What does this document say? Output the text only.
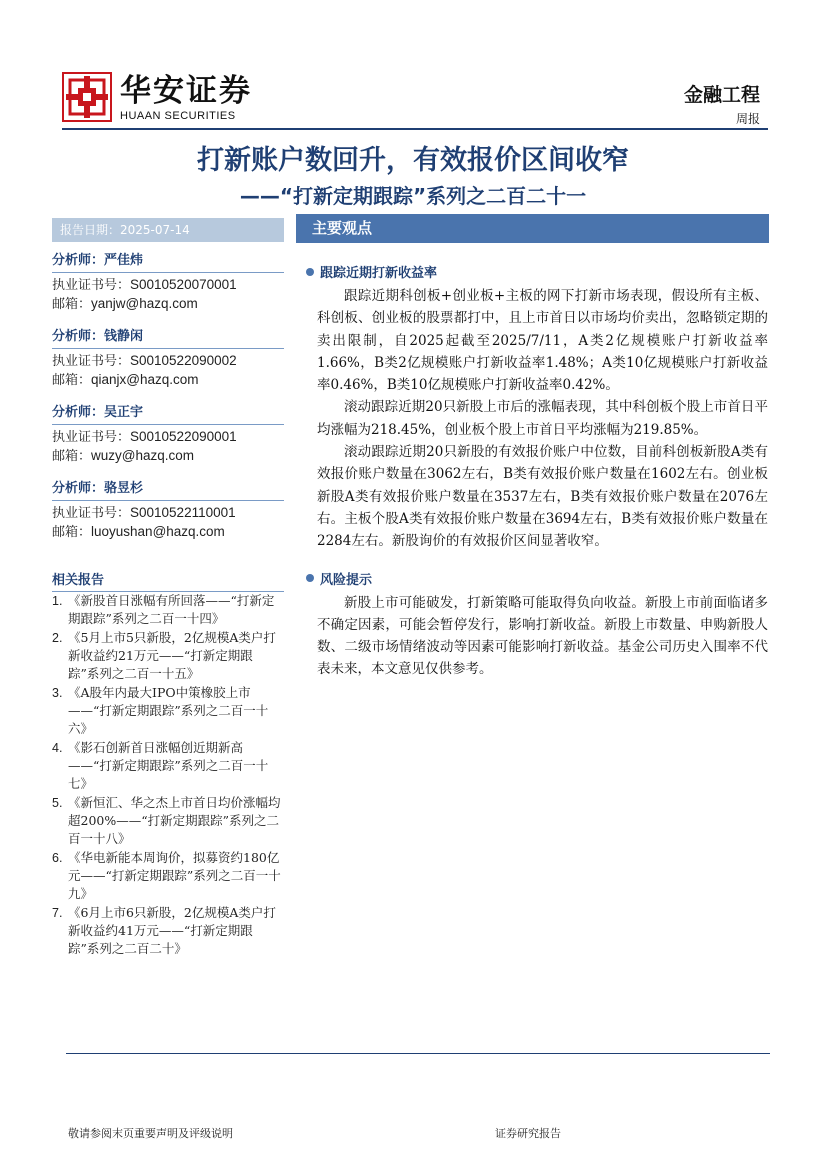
华安证券
HUAAN SECURITIES
金融工程
周报
打新账户数回升，有效报价区间收窄
——“打新定期跟踪”系列之二百二十一
报告日期：2025-07-14	主要观点
分析师：严佳炜
执业证书号：S0010520070001
邮箱：yanjw@hazq.com
分析师：钱静闲
执业证书号：S0010522090002
邮箱：qianjx@hazq.com
分析师：吴正宇
执业证书号：S0010522090001
邮箱：wuzy@hazq.com
分析师：骆昱杉
执业证书号：S0010522110001
邮箱：luoyushan@hazq.com
相关报告
1. 《新股首日涨幅有所回落——“打新定期跟踪”系列之二百一十四》
2. 《5月上市5只新股，2亿规模A类户打新收益约21万元——“打新定期跟踪”系列之二百一十五》
3. 《A股年内最大IPO中策橡胶上市——“打新定期跟踪”系列之二百一十六》
4. 《影石创新首日涨幅创近期新高——“打新定期跟踪”系列之二百一十七》
5. 《新恒汇、华之杰上市首日均价涨幅均超200%——“打新定期跟踪”系列之二百一十八》
6. 《华电新能本周询价，拟募资约180亿元——“打新定期跟踪”系列之二百一十九》
7. 《6月上市6只新股，2亿规模A类户打新收益约41万元——“打新定期跟踪”系列之二百二十》
跟踪近期打新收益率

跟踪近期科创板+创业板+主板的网下打新市场表现，假设所有主板、科创板、创业板的股票都打中，且上市首日以市场均价卖出，忽略锁定期的卖出限制，自2025起截至2025/7/11，A类2亿规模账户打新收益率1.66%，B类2亿规模账户打新收益率1.48%；A类10亿规模账户打新收益率0.46%，B类10亿规模账户打新收益率0.42%。

滚动跟踪近期20只新股上市后的涨幅表现，其中科创板个股上市首日平均涨幅为218.45%，创业板个股上市首日平均涨幅为219.85%。

滚动跟踪近期20只新股的有效报价账户中位数，目前科创板新股A类有效报价账户数量在3062左右，B类有效报价账户数量在1602左右。创业板新股A类有效报价账户数量在3537左右，B类有效报价账户数量在2076左右。主板个股A类有效报价账户数量在3694左右，B类有效报价账户数量在2284左右。新股询价的有效报价区间显著收窄。

风险提示

新股上市可能破发，打新策略可能取得负向收益。新股上市前面临诸多不确定因素，可能会暂停发行，影响打新收益。新股上市数量、申购新股人数、二级市场情绪波动等因素可能影响打新收益。基金公司历史入围率不代表未来，本文意见仅供参考。

敬请参阅末页重要声明及评级说明	证券研究报告
